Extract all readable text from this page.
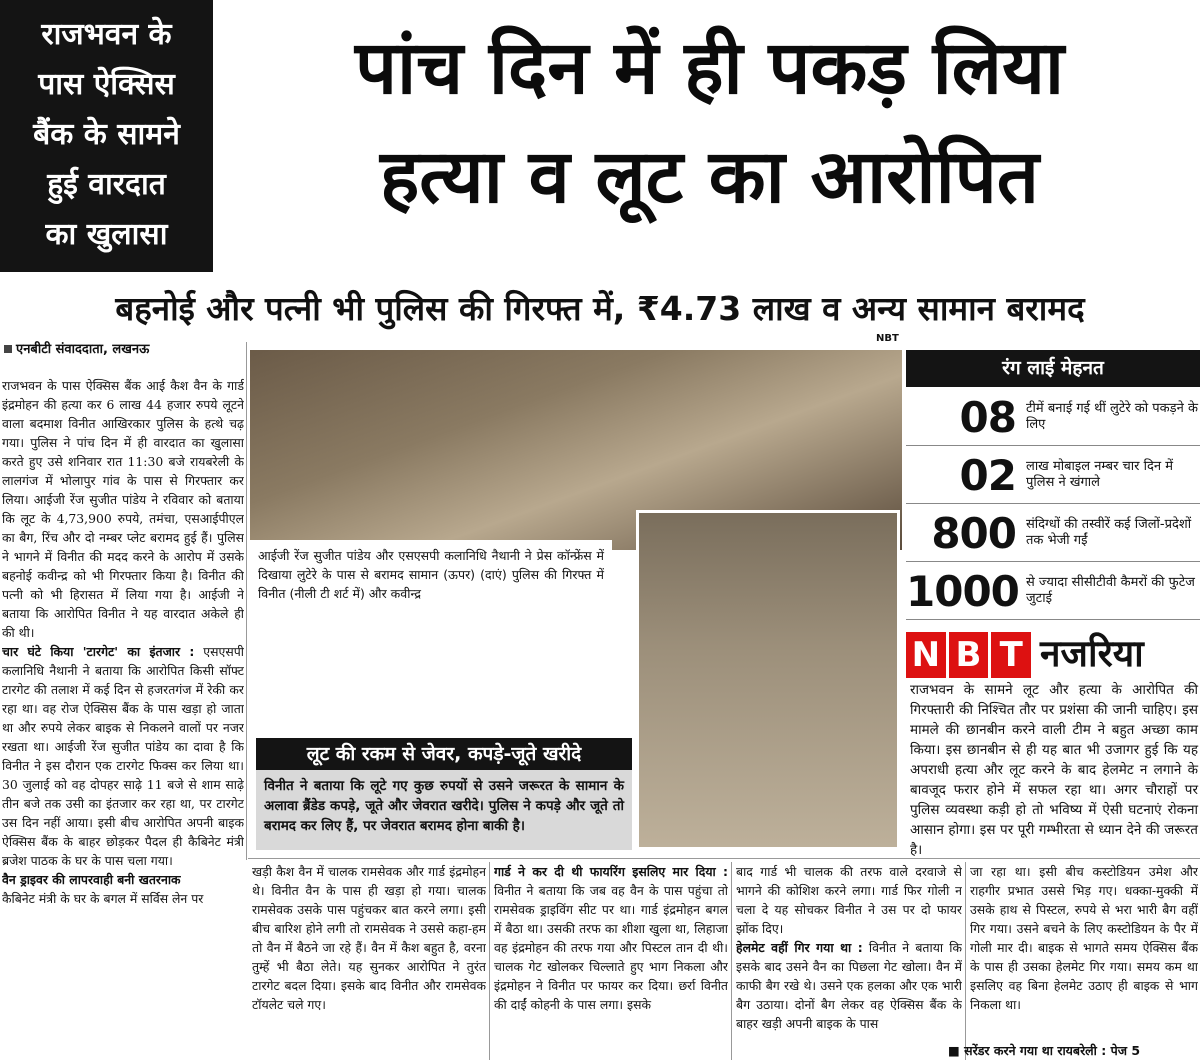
राजभवन के
पास ऐक्सिस
बैंक के सामने
हुई वारदात
का खुलासा
पांच दिन में ही पकड़ लिया
हत्या व लूट का आरोपित
बहनोई और पत्नी भी पुलिस की गिरफ्त में, ₹4.73 लाख व अन्य सामान बरामद
एनबीटी संवाददाता, लखनऊ

राजभवन के पास ऐक्सिस बैंक आई कैश वैन के गार्ड इंद्रमोहन की हत्या कर 6 लाख 44 हजार रुपये लूटने वाला बदमाश विनीत आखिरकार पुलिस के हत्थे चढ़ गया। पुलिस ने पांच दिन में ही वारदात का खुलासा करते हुए उसे शनिवार रात 11:30 बजे रायबरेली के लालगंज में भोलापुर गांव के पास से गिरफ्तार कर लिया। आईजी रेंज सुजीत पांडेय ने रविवार को बताया कि लूट के 4,73,900 रुपये, तमंचा, एसआईपीएल का बैग, रिंच और दो नम्बर प्लेट बरामद हुई हैं। पुलिस ने भागने में विनीत की मदद करने के आरोप में उसके बहनोई कवीन्द्र को भी गिरफ्तार किया है। विनीत की पत्नी को भी हिरासत में लिया गया है। आईजी ने बताया कि आरोपित विनीत ने यह वारदात अकेले ही की थी।

चार घंटे किया 'टारगेट' का इंतजार : एसएसपी कलानिधि नैथानी ने बताया कि आरोपित किसी सॉफ्ट टारगेट की तलाश में कई दिन से हजरतगंज में रेकी कर रहा था। वह रोज ऐक्सिस बैंक के पास खड़ा हो जाता था और रुपये लेकर बाइक से निकलने वालों पर नजर रखता था। आईजी रेंज सुजीत पांडेय का दावा है कि विनीत ने इस दौरान एक टारगेट फिक्स कर लिया था। 30 जुलाई को वह दोपहर साढ़े 11 बजे से शाम साढ़े तीन बजे तक उसी का इंतजार कर रहा था, पर टारगेट उस दिन नहीं आया। इसी बीच आरोपित अपनी बाइक ऐक्सिस बैंक के बाहर छोड़कर पैदल ही कैबिनेट मंत्री ब्रजेश पाठक के घर के पास चला गया।

वैन ड्राइवर की लापरवाही बनी खतरनाक

कैबिनेट मंत्री के घर के बगल में सर्विस लेन पर

NBT
आईजी रेंज सुजीत पांडेय और एसएसपी कलानिधि नैथानी ने प्रेस कॉन्फ्रेंस में दिखाया लुटेरे के पास से बरामद सामान (ऊपर) (दाएं) पुलिस की गिरफ्त में विनीत (नीली टी शर्ट में) और कवीन्द्र
लूट की रकम से जेवर, कपड़े-जूते खरीदे
विनीत ने बताया कि लूटे गए कुछ रुपयों से उसने जरूरत के सामान के अलावा ब्रैंडेड कपड़े, जूते और जेवरात खरीदे। पुलिस ने कपड़े और जूते तो बरामद कर लिए हैं, पर जेवरात बरामद होना बाकी है।
रंग लाई मेहनत
08 टीमें बनाई गई थीं लुटेरे को पकड़ने के लिए
02 लाख मोबाइल नम्बर चार दिन में पुलिस ने खंगाले
800 संदिग्धों की तस्वीरें कई जिलों-प्रदेशों तक भेजी गईं
1000 से ज्यादा सीसीटीवी कैमरों की फुटेज जुटाई
N B T नजरिया
राजभवन के सामने लूट और हत्या के आरोपित की गिरफ्तारी की निश्चित तौर पर प्रशंसा की जानी चाहिए। इस मामले की छानबीन करने वाली टीम ने बहुत अच्छा काम किया। इस छानबीन से ही यह बात भी उजागर हुई कि यह अपराधी हत्या और लूट करने के बाद हेलमेट न लगाने के बावजूद फरार होने में सफल रहा था। अगर चौराहों पर पुलिस व्यवस्था कड़ी हो तो भविष्य में ऐसी घटनाएं रोकना आसान होगा। इस पर पूरी गम्भीरता से ध्यान देने की जरूरत है।

खड़ी कैश वैन में चालक रामसेवक और गार्ड इंद्रमोहन थे। विनीत वैन के पास ही खड़ा हो गया। चालक रामसेवक उसके पास पहुंचकर बात करने लगा। इसी बीच बारिश होने लगी तो रामसेवक ने उससे कहा-हम तो वैन में बैठने जा रहे हैं। वैन में कैश बहुत है, वरना तुम्हें भी बैठा लेते। यह सुनकर आरोपित ने तुरंत टारगेट बदल दिया। इसके बाद विनीत और रामसेवक टॉयलेट चले गए।

गार्ड ने कर दी थी फायरिंग इसलिए मार दिया : विनीत ने बताया कि जब वह वैन के पास पहुंचा तो रामसेवक ड्राइविंग सीट पर था। गार्ड इंद्रमोहन बगल में बैठा था। उसकी तरफ का शीशा खुला था, लिहाजा वह इंद्रमोहन की तरफ गया और पिस्टल तान दी थी। चालक गेट खोलकर चिल्लाते हुए भाग निकला और इंद्रमोहन ने विनीत पर फायर कर दिया। छर्रा विनीत की दाईं कोहनी के पास लगा। इसके

बाद गार्ड भी चालक की तरफ वाले दरवाजे से भागने की कोशिश करने लगा। गार्ड फिर गोली न चला दे यह सोचकर विनीत ने उस पर दो फायर झोंक दिए।

हेलमेट वहीं गिर गया था : विनीत ने बताया कि इसके बाद उसने वैन का पिछला गेट खोला। वैन में काफी बैग रखे थे। उसने एक हलका और एक भारी बैग उठाया। दोनों बैग लेकर वह ऐक्सिस बैंक के बाहर खड़ी अपनी बाइक के पास

जा रहा था। इसी बीच कस्टोडियन उमेश और राहगीर प्रभात उससे भिड़ गए। धक्का-मुक्की में उसके हाथ से पिस्टल, रुपये से भरा भारी बैग वहीं गिर गया। उसने बचने के लिए कस्टोडियन के पैर में गोली मार दी। बाइक से भागते समय ऐक्सिस बैंक के पास ही उसका हेलमेट गिर गया। समय कम था इसलिए वह बिना हेलमेट उठाए ही बाइक से भाग निकला था।

■ सरेंडर करने गया था रायबरेली : पेज 5
